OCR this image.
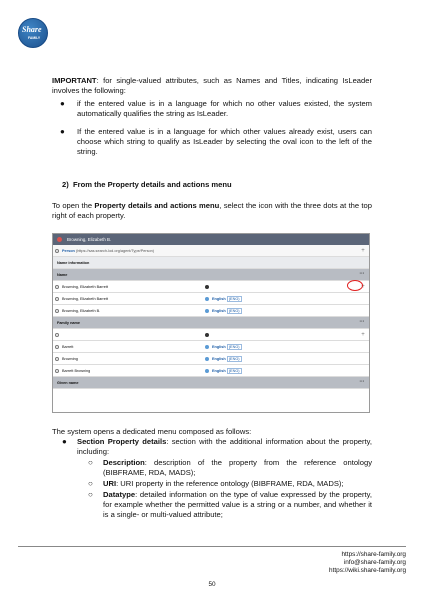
Share
FAMILY

IMPORTANT: for single-valued attributes, such as Names and Titles, indicating IsLeader involves the following:

● if the entered value is in a language for which no other values existed, the system automatically qualifies the string as IsLeader.

● If the entered value is in a language for which other values already exist, users can choose which string to qualify as IsLeader by selecting the oval icon to the left of the string.

2) From the Property details and actions menu

To open the Property details and actions menu, select the icon with the three dots at the top right of each property.

Browning, Elizabeth B.
Person (https://sas.search-lod.org/agent/Type/Person)	+
Name information
Name	···
Browning, Elizabeth Barrett	+
Browning, Elizabeth Barrett	English (ENG)
Browning, Elizabeth B.	English (ENG)
Family name	···
+
Barrett	English (ENG)
Browning	English (ENG)
Barrett Browning	English (ENG)
Given name	···

The system opens a dedicated menu composed as follows:

● Section Property details: section with the additional information about the property, including:

○ Description: description of the property from the reference ontology (BIBFRAME, RDA, MADS);

○ URI: URI property in the reference ontology (BIBFRAME, RDA, MADS);

○ Datatype: detailed information on the type of value expressed by the property, for example whether the permitted value is a string or a number, and whether it is a single- or multi-valued attribute;

https://share-family.org
info@share-family.org
https://wiki.share-family.org
50
